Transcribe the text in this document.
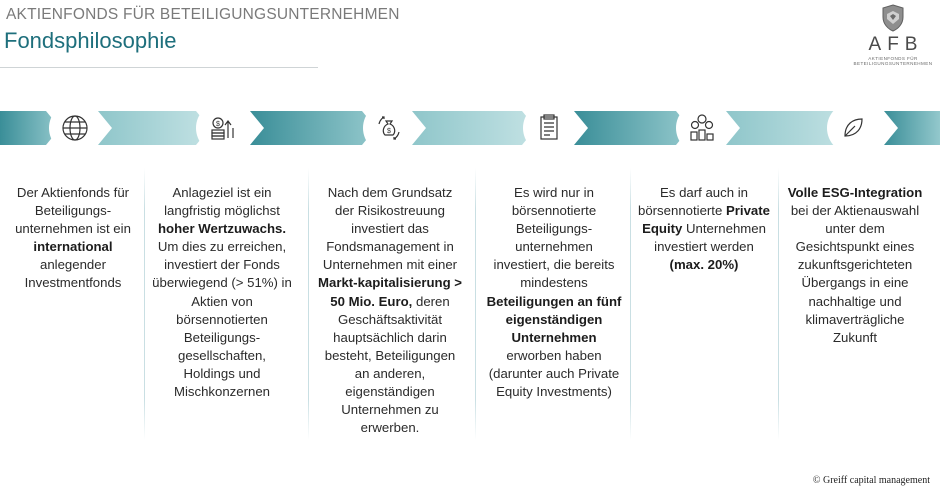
AKTIENFONDS FÜR BETEILIGUNGSUNTERNEHMEN
Fondsphilosophie	AFB
AKTIENFONDS FÜR
BETEILIGUNGSUNTERNEHMEN
$
$
Der Aktienfonds für Beteiligungs-unternehmen ist ein international anlegender Investmentfonds
Anlageziel ist ein langfristig möglichst hoher Wertzuwachs. Um dies zu erreichen, investiert der Fonds überwiegend (> 51%) in Aktien von börsennotierten Beteiligungs-gesellschaften, Holdings und Mischkonzernen
Nach dem Grundsatz der Risikostreuung investiert das Fondsmanagement in Unternehmen mit einer Markt-kapitalisierung > 50 Mio. Euro, deren Geschäftsaktivität hauptsächlich darin besteht, Beteiligungen an anderen, eigenständigen Unternehmen zu erwerben.
Es wird nur in börsennotierte Beteiligungs-unternehmen investiert, die bereits mindestens Beteiligungen an fünf eigenständigen Unternehmen erworben haben (darunter auch Private Equity Investments)
Es darf auch in börsennotierte Private Equity Unternehmen investiert werden (max. 20%)
Volle ESG-Integration bei der Aktienauswahl unter dem Gesichtspunkt eines zukunftsgerichteten Übergangs in eine nachhaltige und klimaverträgliche Zukunft
© Greiff capital management
